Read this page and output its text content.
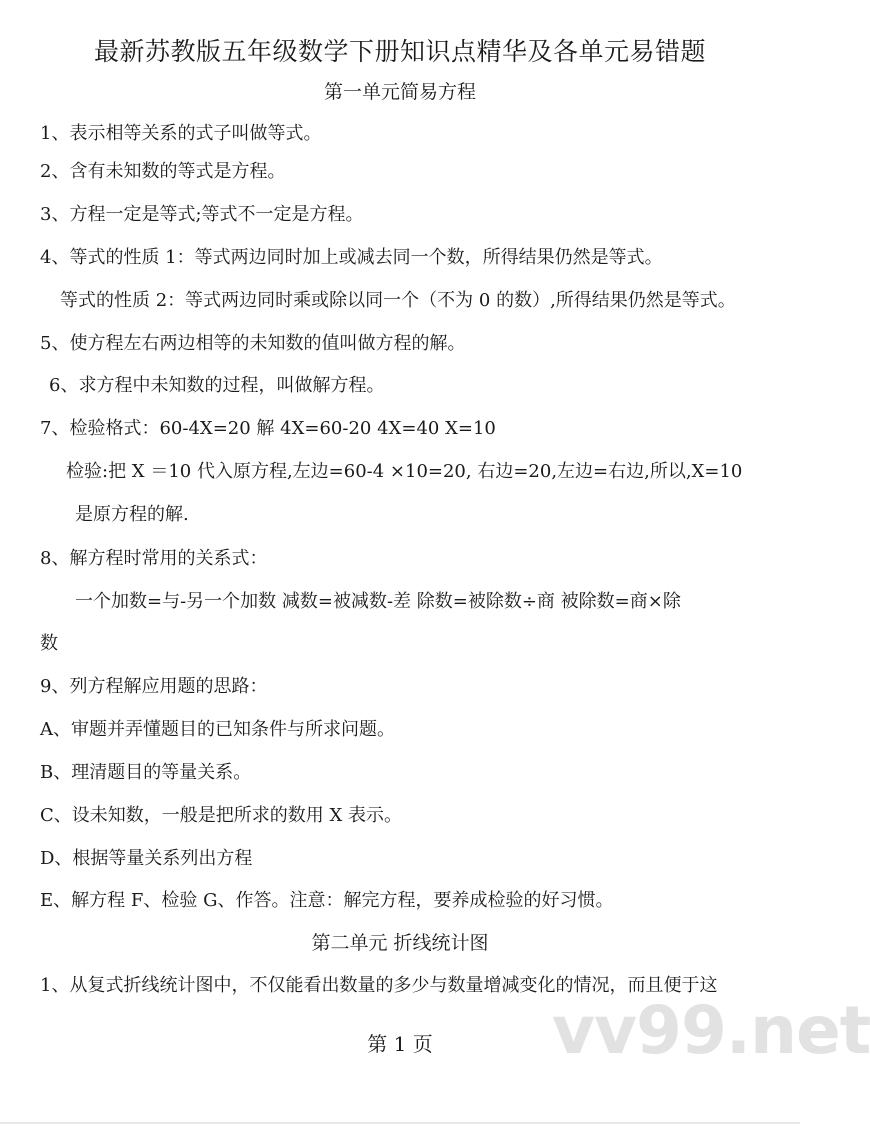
最新苏教版五年级数学下册知识点精华及各单元易错题
第一单元简易方程
1、表示相等关系的式子叫做等式。
2、含有未知数的等式是方程。
3、方程一定是等式;等式不一定是方程。
4、等式的性质 1：等式两边同时加上或减去同一个数，所得结果仍然是等式。
等式的性质 2：等式两边同时乘或除以同一个（不为 0 的数）,所得结果仍然是等式。
5、使方程左右两边相等的未知数的值叫做方程的解。
6、求方程中未知数的过程，叫做解方程。
7、检验格式：60-4X=20 解 4X=60-20 4X=40 X=10
检验:把 X ＝10 代入原方程,左边=60-4 ×10=20, 右边=20,左边=右边,所以,X=10
是原方程的解.
8、解方程时常用的关系式：
一个加数=与-另一个加数 减数=被减数-差 除数=被除数÷商 被除数=商×除
数
9、列方程解应用题的思路：
A、审题并弄懂题目的已知条件与所求问题。
B、理清题目的等量关系。
C、设未知数，一般是把所求的数用 X 表示。
D、根据等量关系列出方程
E、解方程 F、检验 G、作答。注意：解完方程，要养成检验的好习惯。
第二单元 折线统计图
1、从复式折线统计图中，不仅能看出数量的多少与数量增减变化的情况，而且便于这
vv99.net
第 1 页
